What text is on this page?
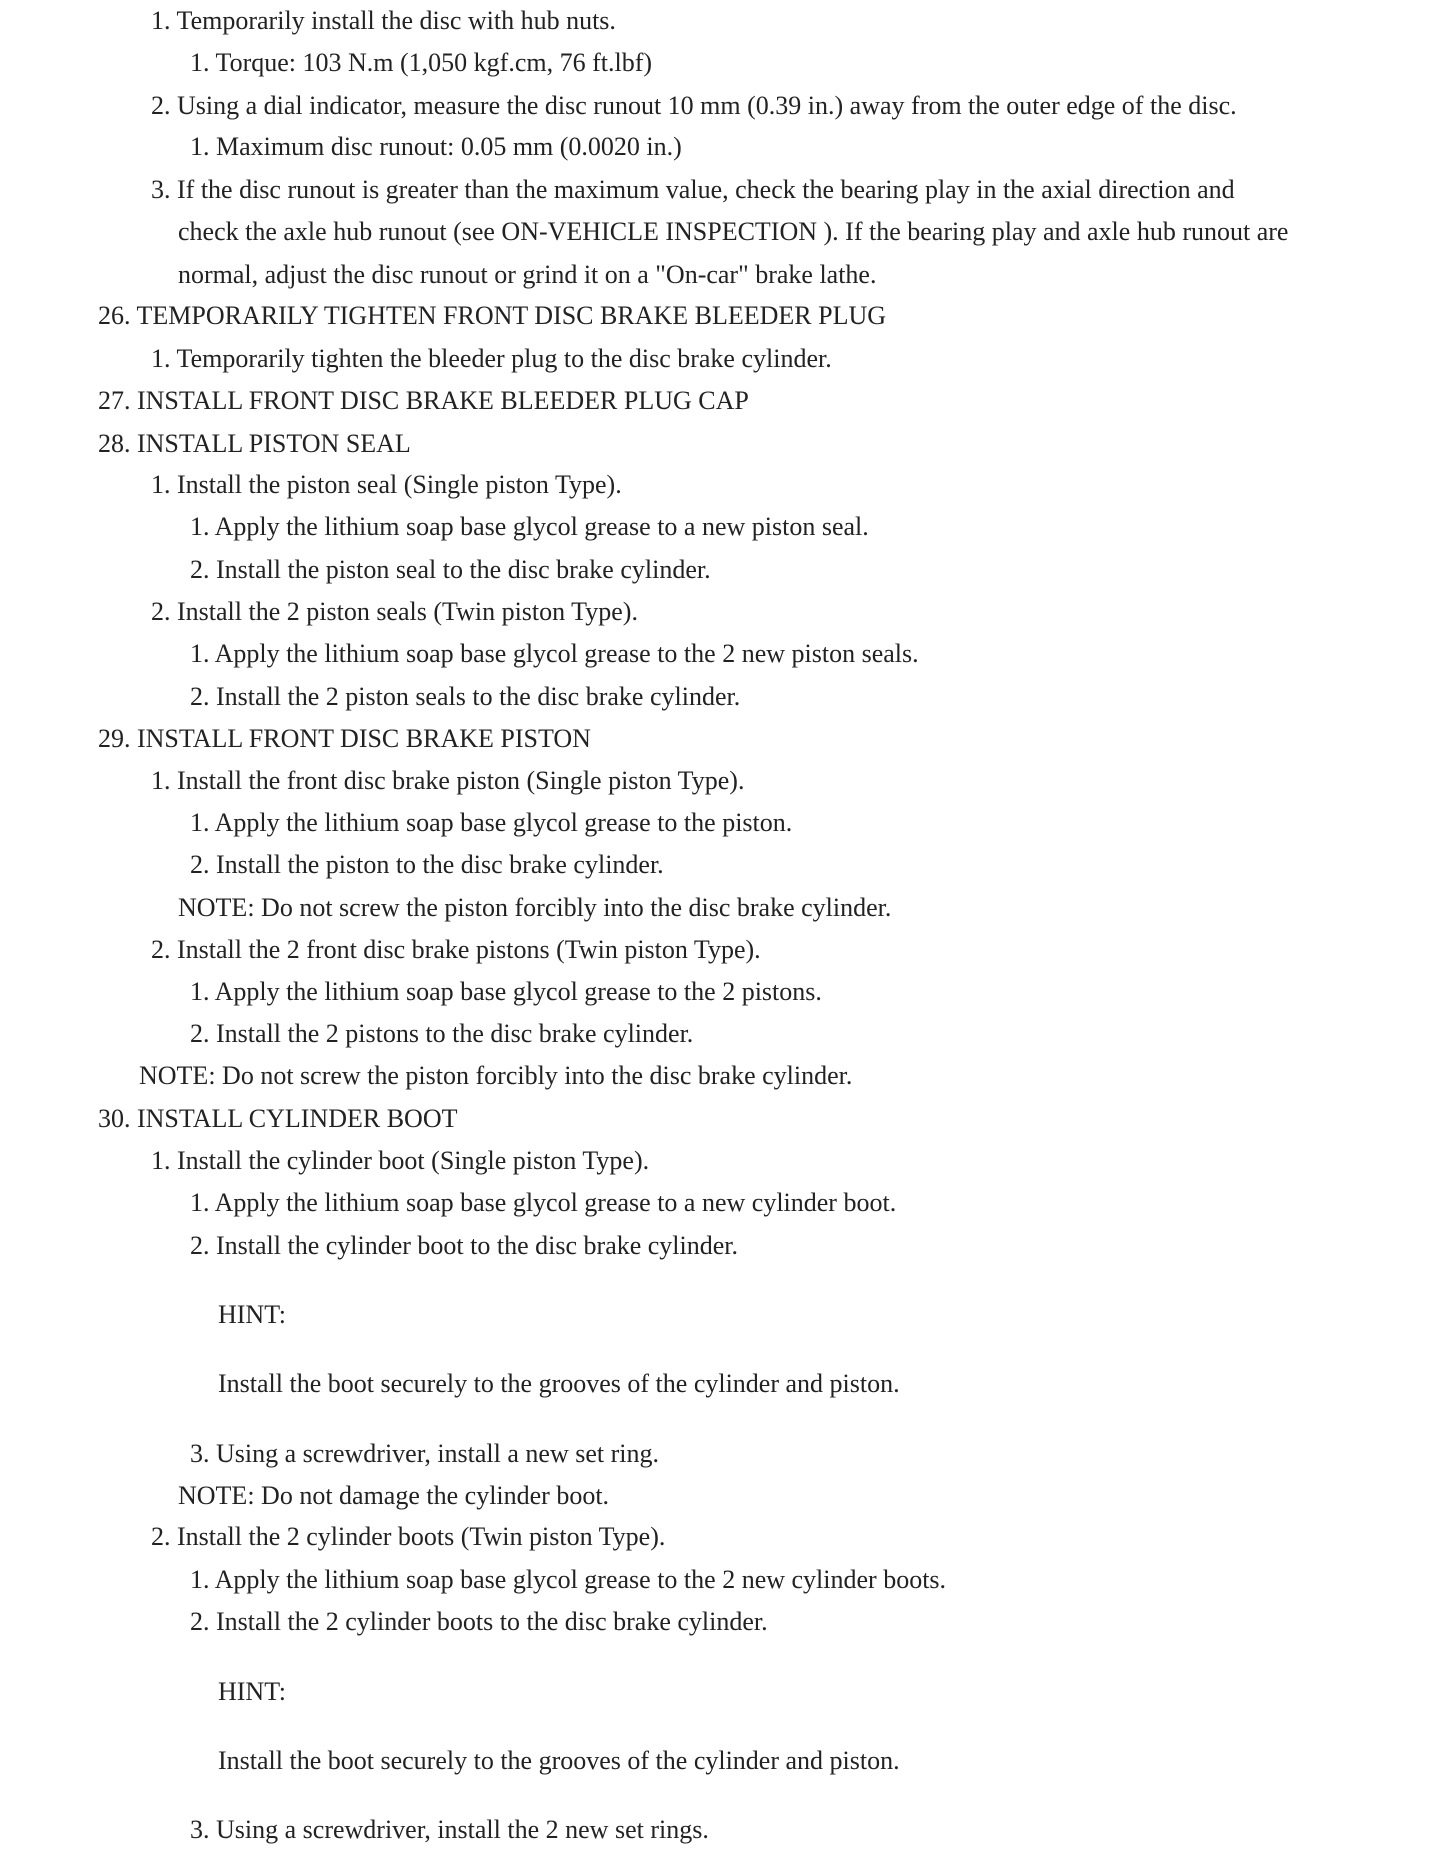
1. Temporarily install the disc with hub nuts.
1. Torque: 103 N.m (1,050 kgf.cm, 76 ft.lbf)
2. Using a dial indicator, measure the disc runout 10 mm (0.39 in.) away from the outer edge of the disc.
1. Maximum disc runout: 0.05 mm (0.0020 in.)
3. If the disc runout is greater than the maximum value, check the bearing play in the axial direction and
check the axle hub runout (see ON-VEHICLE INSPECTION ). If the bearing play and axle hub runout are
normal, adjust the disc runout or grind it on a "On-car" brake lathe.
26. TEMPORARILY TIGHTEN FRONT DISC BRAKE BLEEDER PLUG
1. Temporarily tighten the bleeder plug to the disc brake cylinder.
27. INSTALL FRONT DISC BRAKE BLEEDER PLUG CAP
28. INSTALL PISTON SEAL
1. Install the piston seal (Single piston Type).
1. Apply the lithium soap base glycol grease to a new piston seal.
2. Install the piston seal to the disc brake cylinder.
2. Install the 2 piston seals (Twin piston Type).
1. Apply the lithium soap base glycol grease to the 2 new piston seals.
2. Install the 2 piston seals to the disc brake cylinder.
29. INSTALL FRONT DISC BRAKE PISTON
1. Install the front disc brake piston (Single piston Type).
1. Apply the lithium soap base glycol grease to the piston.
2. Install the piston to the disc brake cylinder.
NOTE: Do not screw the piston forcibly into the disc brake cylinder.
2. Install the 2 front disc brake pistons (Twin piston Type).
1. Apply the lithium soap base glycol grease to the 2 pistons.
2. Install the 2 pistons to the disc brake cylinder.
NOTE: Do not screw the piston forcibly into the disc brake cylinder.
30. INSTALL CYLINDER BOOT
1. Install the cylinder boot (Single piston Type).
1. Apply the lithium soap base glycol grease to a new cylinder boot.
2. Install the cylinder boot to the disc brake cylinder.
HINT:
Install the boot securely to the grooves of the cylinder and piston.
3. Using a screwdriver, install a new set ring.
NOTE: Do not damage the cylinder boot.
2. Install the 2 cylinder boots (Twin piston Type).
1. Apply the lithium soap base glycol grease to the 2 new cylinder boots.
2. Install the 2 cylinder boots to the disc brake cylinder.
HINT:
Install the boot securely to the grooves of the cylinder and piston.
3. Using a screwdriver, install the 2 new set rings.
